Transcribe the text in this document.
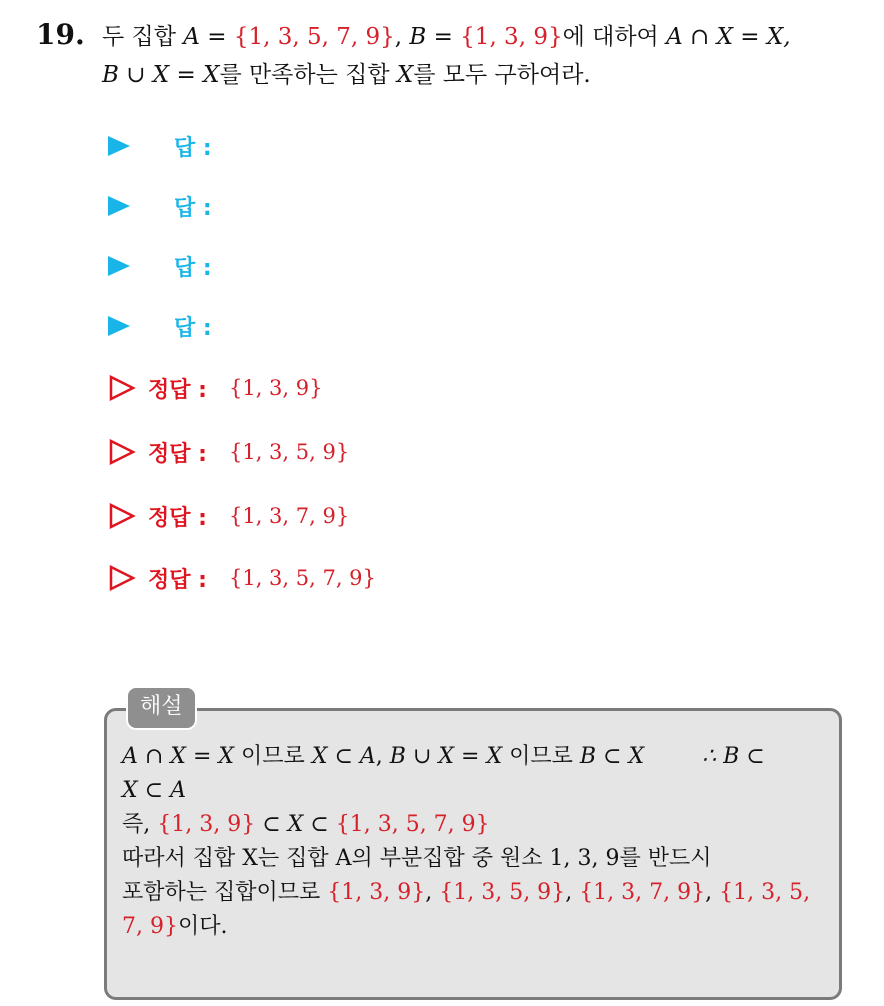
19. 두 집합 A = {1, 3, 5, 7, 9}, B = {1, 3, 9}에 대하여 A ∩ X = X,
B ∪ X = X를 만족하는 집합 X를 모두 구하여라.
답 :
답 :
답 :
답 :
정답 : {1, 3, 9}
정답 : {1, 3, 5, 9}
정답 : {1, 3, 7, 9}
정답 : {1, 3, 5, 7, 9}
해설
A ∩ X = X 이므로 X ⊂ A, B ∪ X = X 이므로 B ⊂ X	∴ B ⊂
X ⊂ A
즉, {1, 3, 9} ⊂ X ⊂ {1, 3, 5, 7, 9}
따라서 집합 X는 집합 A의 부분집합 중 원소 1, 3, 9를 반드시
포함하는 집합이므로 {1, 3, 9}, {1, 3, 5, 9}, {1, 3, 7, 9}, {1, 3, 5,
7, 9}이다.
